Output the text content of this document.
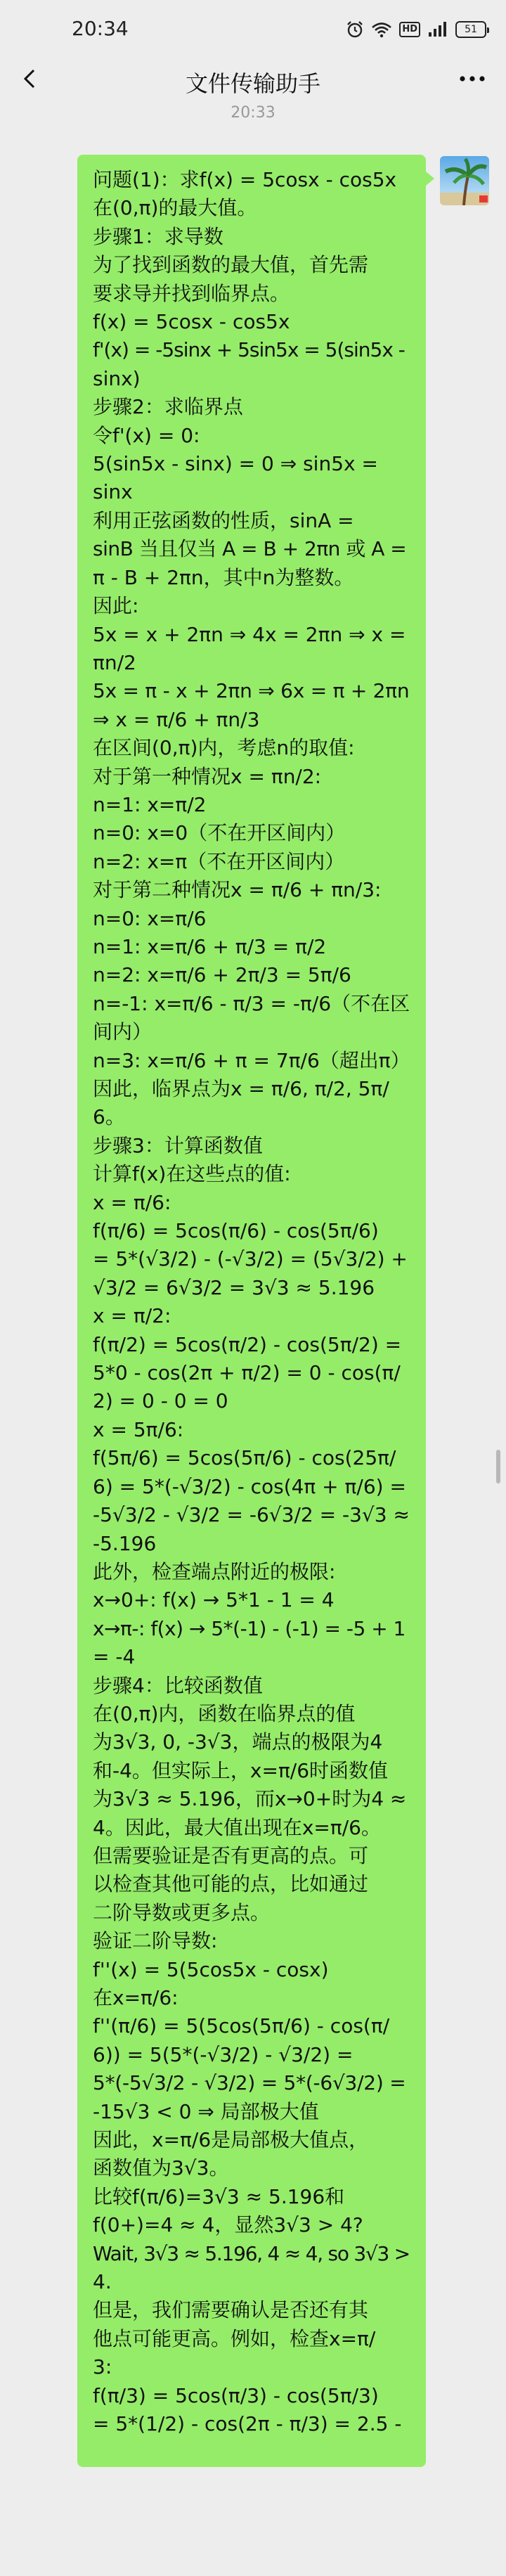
20:34	HD	51
文件传输助手
20:33
问题(1)：求f(x) = 5cosx - cos5x
在(0,π)的最大值。
步骤1：求导数
为了找到函数的最大值，首先需
要求导并找到临界点。
f(x) = 5cosx - cos5x
f'(x) = -5sinx + 5sin5x = 5(sin5x -
sinx)
步骤2：求临界点
令f'(x) = 0:
5(sin5x - sinx) = 0 ⇒ sin5x =
sinx
利用正弦函数的性质，sinA =
sinB 当且仅当 A = B + 2πn 或 A =
π - B + 2πn，其中n为整数。
因此:
5x = x + 2πn ⇒ 4x = 2πn ⇒ x =
πn/2
5x = π - x + 2πn ⇒ 6x = π + 2πn
⇒ x = π/6 + πn/3
在区间(0,π)内，考虑n的取值:
对于第一种情况x = πn/2:
n=1: x=π/2
n=0: x=0（不在开区间内）
n=2: x=π（不在开区间内）
对于第二种情况x = π/6 + πn/3:
n=0: x=π/6
n=1: x=π/6 + π/3 = π/2
n=2: x=π/6 + 2π/3 = 5π/6
n=-1: x=π/6 - π/3 = -π/6（不在区
间内）
n=3: x=π/6 + π = 7π/6（超出π）
因此，临界点为x = π/6, π/2, 5π/
6。
步骤3：计算函数值
计算f(x)在这些点的值:
x = π/6:
f(π/6) = 5cos(π/6) - cos(5π/6)
= 5*(√3/2) - (-√3/2) = (5√3/2) +
√3/2 = 6√3/2 = 3√3 ≈ 5.196
x = π/2:
f(π/2) = 5cos(π/2) - cos(5π/2) =
5*0 - cos(2π + π/2) = 0 - cos(π/
2) = 0 - 0 = 0
x = 5π/6:
f(5π/6) = 5cos(5π/6) - cos(25π/
6) = 5*(-√3/2) - cos(4π + π/6) =
-5√3/2 - √3/2 = -6√3/2 = -3√3 ≈
-5.196
此外，检查端点附近的极限:
x→0+: f(x) → 5*1 - 1 = 4
x→π-: f(x) → 5*(-1) - (-1) = -5 + 1
= -4
步骤4：比较函数值
在(0,π)内，函数在临界点的值
为3√3, 0, -3√3，端点的极限为4
和-4。但实际上，x=π/6时函数值
为3√3 ≈ 5.196，而x→0+时为4 ≈
4。因此，最大值出现在x=π/6。
但需要验证是否有更高的点。可
以检查其他可能的点，比如通过
二阶导数或更多点。
验证二阶导数:
f''(x) = 5(5cos5x - cosx)
在x=π/6:
f''(π/6) = 5(5cos(5π/6) - cos(π/
6)) = 5(5*(-√3/2) - √3/2) =
5*(-5√3/2 - √3/2) = 5*(-6√3/2) =
-15√3 < 0 ⇒ 局部极大值
因此，x=π/6是局部极大值点，
函数值为3√3。
比较f(π/6)=3√3 ≈ 5.196和
f(0+)=4 ≈ 4，显然3√3 > 4?
Wait, 3√3 ≈ 5.196, 4 ≈ 4, so 3√3 >
4.
但是，我们需要确认是否还有其
他点可能更高。例如，检查x=π/
3:
f(π/3) = 5cos(π/3) - cos(5π/3)
= 5*(1/2) - cos(2π - π/3) = 2.5 -
